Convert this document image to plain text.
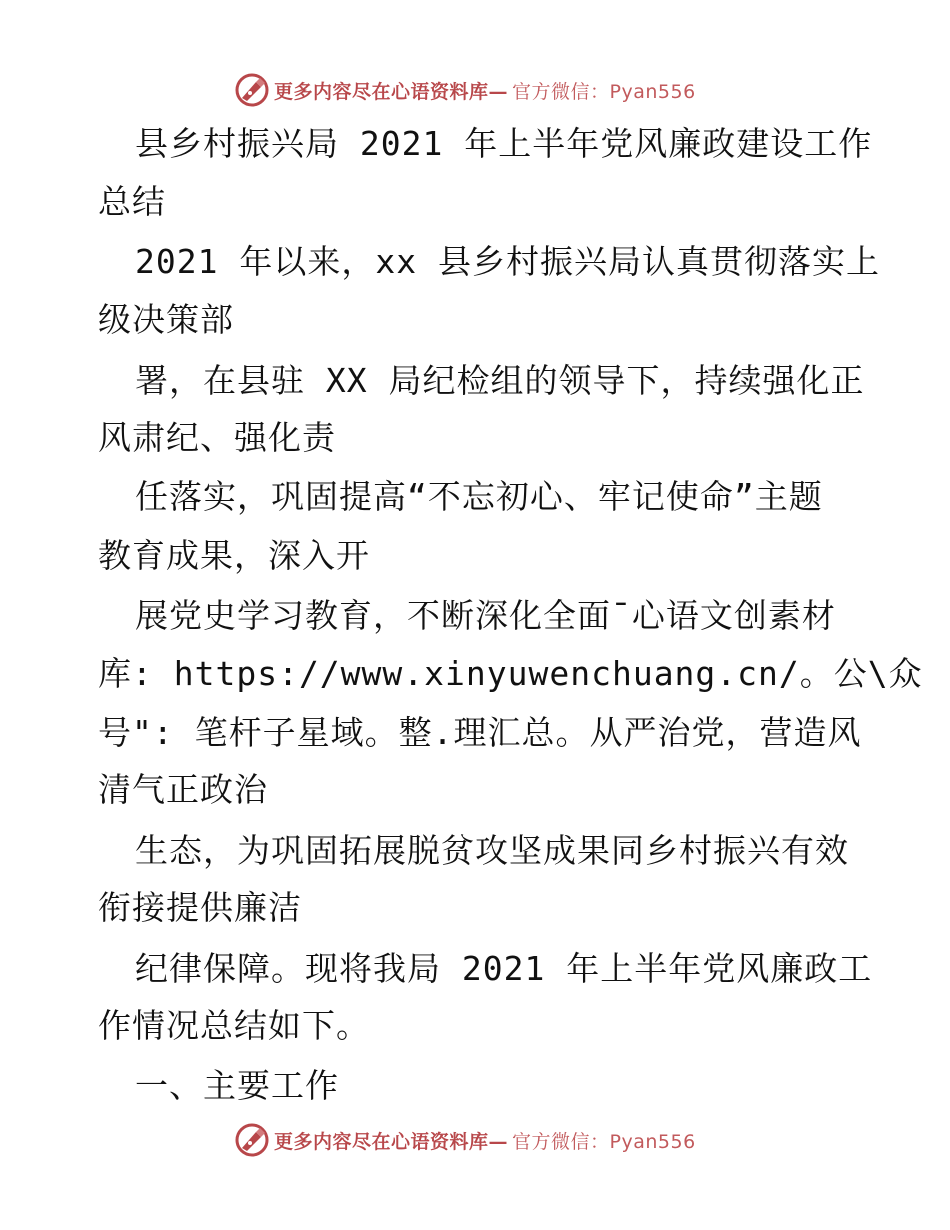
更多内容尽在心语资料库— 官方微信：Pyan556
县乡村振兴局 2021 年上半年党风廉政建设工作
总结
2021 年以来，xx 县乡村振兴局认真贯彻落实上
级决策部
署，在县驻 XX 局纪检组的领导下，持续强化正
风肃纪、强化责
任落实，巩固提高“不忘初心、牢记使命”主题
教育成果，深入开
展党史学习教育，不断深化全面¯心语文创素材
库: https://www.xinyuwenchuang.cn/。公\众
号": 笔杆子星域。整.理汇总。从严治党，营造风
清气正政治
生态，为巩固拓展脱贫攻坚成果同乡村振兴有效
衔接提供廉洁
纪律保障。现将我局 2021 年上半年党风廉政工
作情况总结如下。
一、主要工作
更多内容尽在心语资料库— 官方微信：Pyan556
